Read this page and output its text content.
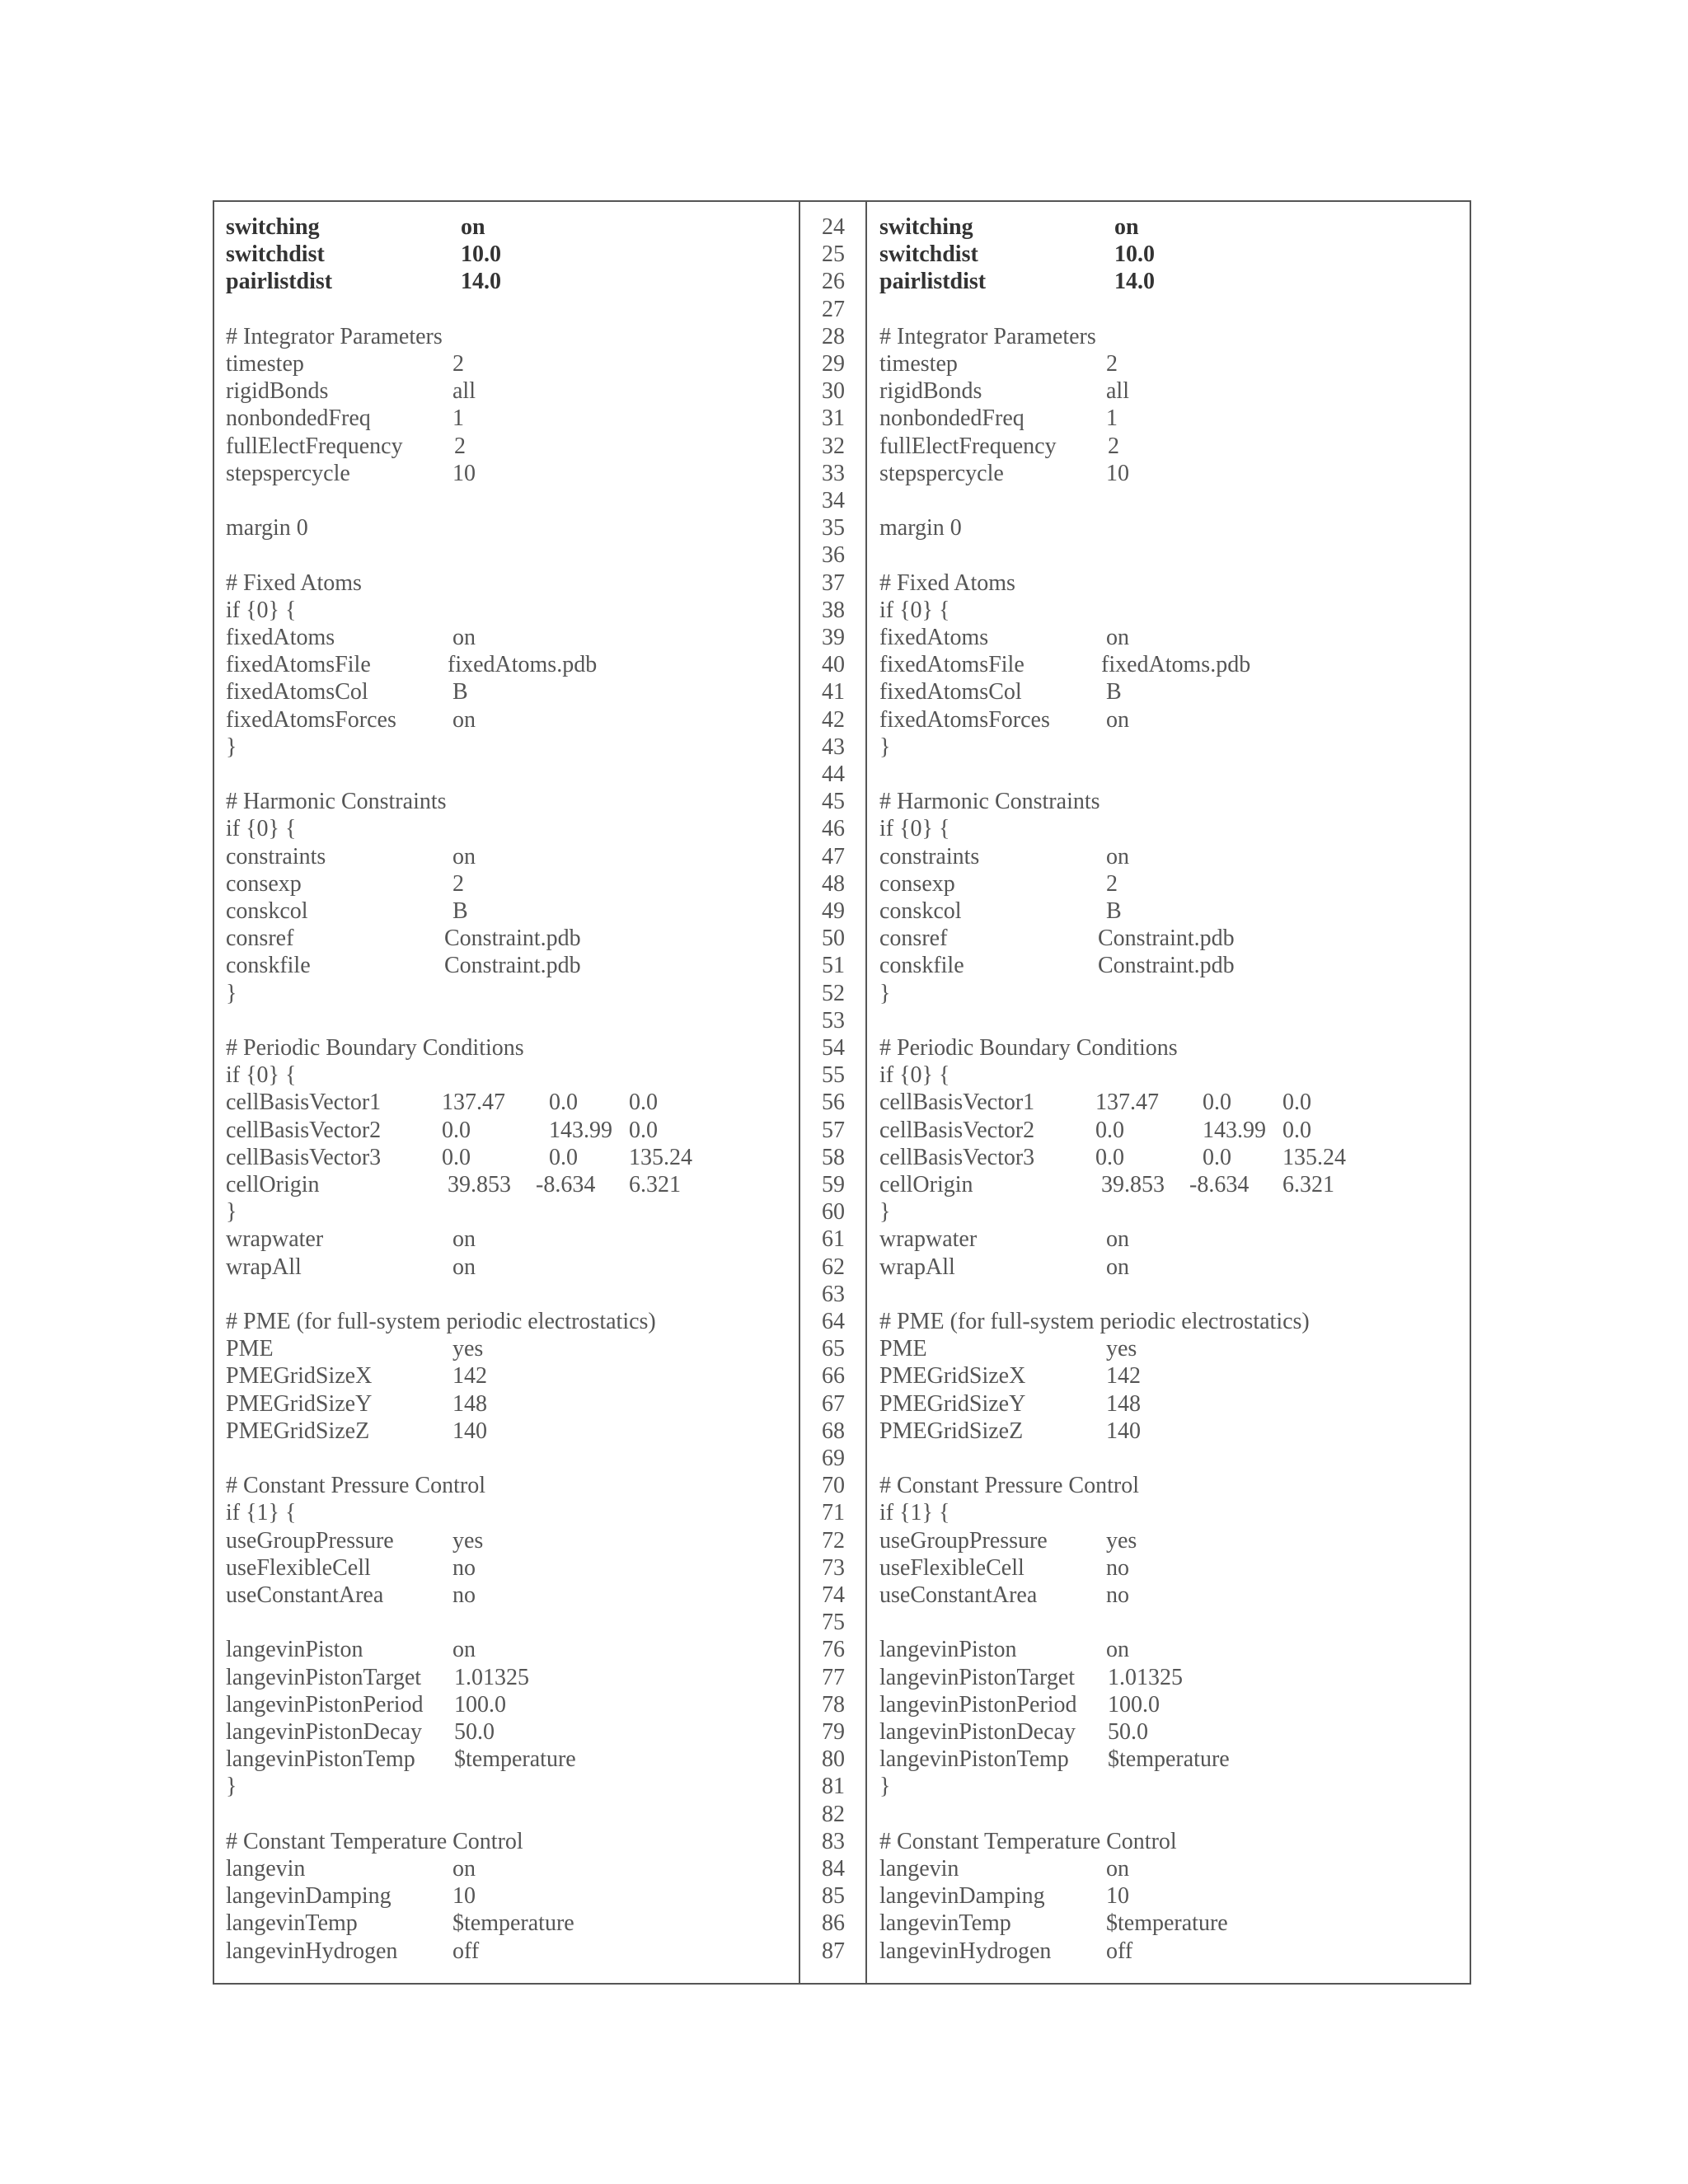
switching	on
switchdist	10.0
pairlistdist	14.0
# Integrator Parameters
timestep	2
rigidBonds	all
nonbondedFreq	1
fullElectFrequency 2
stepspercycle	10
margin 0
# Fixed Atoms
if {0} {
fixedAtoms	on
fixedAtomsFile	fixedAtoms.pdb
fixedAtomsCol	B
fixedAtomsForces on
}
# Harmonic Constraints
if {0} {
constraints	on
consexp	2
conskcol	B
consref	Constraint.pdb
conskfile	Constraint.pdb
}
# Periodic Boundary Conditions
if {0} {
cellBasisVector1	137.47 0.0 0.0
cellBasisVector2	0.0	143.99 0.0
cellBasisVector3	0.0	0.0 135.24
cellOrigin	39.853 -8.634 6.321
}
wrapwater	on
wrapAll	on
# PME (for full-system periodic electrostatics)
PME	yes
PMEGridSizeX	142
PMEGridSizeY	148
PMEGridSizeZ	140
# Constant Pressure Control
if {1} {
useGroupPressure	yes
useFlexibleCell	no
useConstantArea	no
langevinPiston	on
langevinPistonTarget 1.01325
langevinPistonPeriod 100.0
langevinPistonDecay 50.0
langevinPistonTemp $temperature
}
# Constant Temperature Control
langevin	on
langevinDamping	10
langevinTemp	$temperature
langevinHydrogen off
24
25
26
27
28
29
30
31
32
33
34
35
36
37
38
39
40
41
42
43
44
45
46
47
48
49
50
51
52
53
54
55
56
57
58
59
60
61
62
63
64
65
66
67
68
69
70
71
72
73
74
75
76
77
78
79
80
81
82
83
84
85
86
87
switching	on
switchdist	10.0
pairlistdist	14.0
# Integrator Parameters
timestep	2
rigidBonds	all
nonbondedFreq	1
fullElectFrequency 2
stepspercycle	10
margin 0
# Fixed Atoms
if {0} {
fixedAtoms	on
fixedAtomsFile	fixedAtoms.pdb
fixedAtomsCol	B
fixedAtomsForces on
}
# Harmonic Constraints
if {0} {
constraints	on
consexp	2
conskcol	B
consref	Constraint.pdb
conskfile	Constraint.pdb
}
# Periodic Boundary Conditions
if {0} {
cellBasisVector1	137.47 0.0 0.0
cellBasisVector2	0.0	143.99 0.0
cellBasisVector3	0.0	0.0 135.24
cellOrigin	39.853 -8.634 6.321
}
wrapwater	on
wrapAll	on
# PME (for full-system periodic electrostatics)
PME	yes
PMEGridSizeX	142
PMEGridSizeY	148
PMEGridSizeZ	140
# Constant Pressure Control
if {1} {
useGroupPressure	yes
useFlexibleCell	no
useConstantArea	no
langevinPiston	on
langevinPistonTarget 1.01325
langevinPistonPeriod 100.0
langevinPistonDecay 50.0
langevinPistonTemp $temperature
}
# Constant Temperature Control
langevin	on
langevinDamping	10
langevinTemp	$temperature
langevinHydrogen off
